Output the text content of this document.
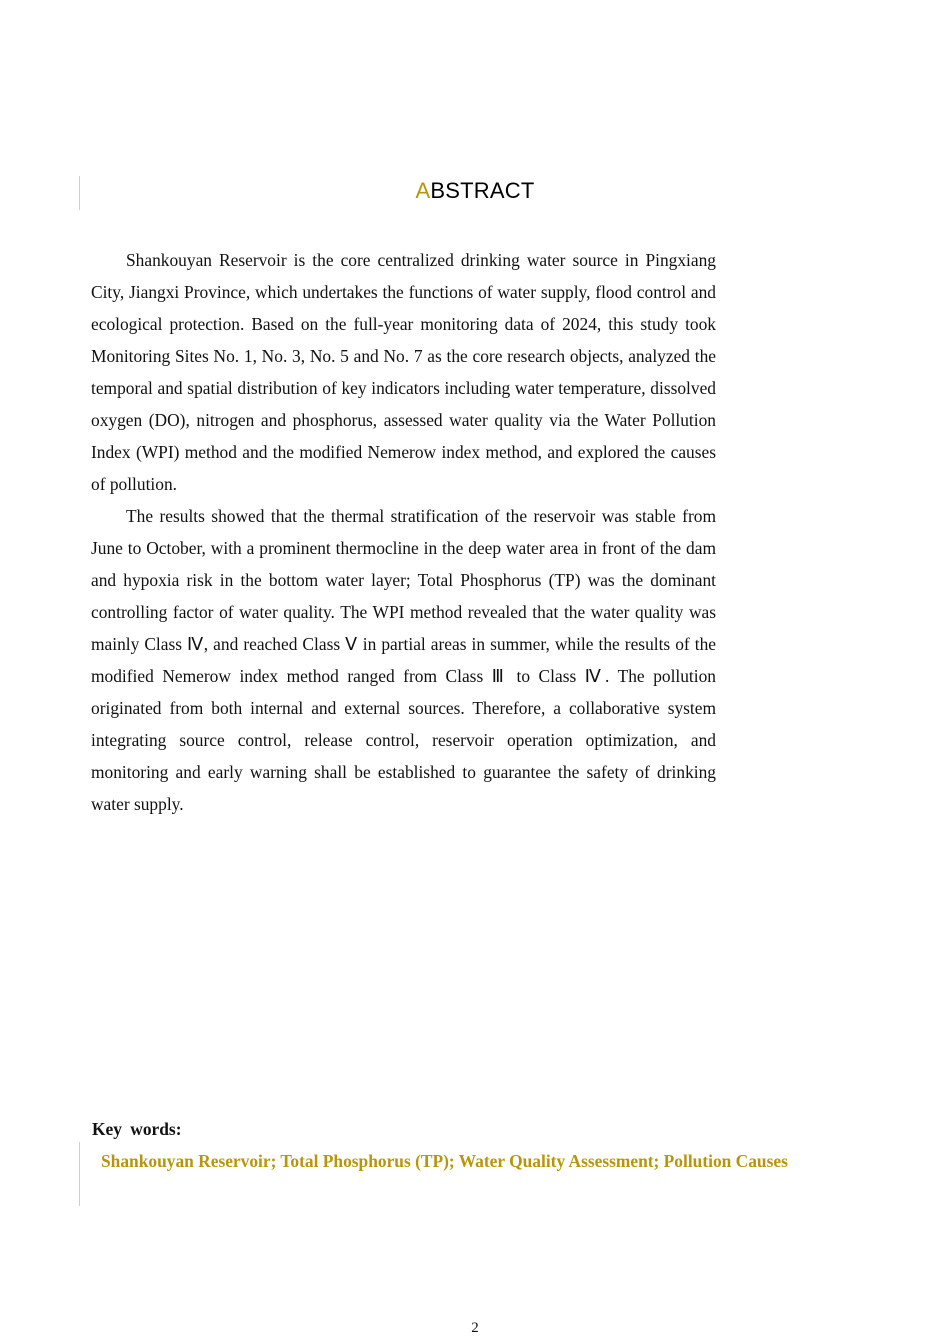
ABSTRACT

Shankouyan Reservoir is the core centralized drinking water source in Pingxiang City, Jiangxi Province, which undertakes the functions of water supply, flood control and ecological protection. Based on the full-year monitoring data of 2024, this study took Monitoring Sites No. 1, No. 3, No. 5 and No. 7 as the core research objects, analyzed the temporal and spatial distribution of key indicators including water temperature, dissolved oxygen (DO), nitrogen and phosphorus, assessed water quality via the Water Pollution Index (WPI) method and the modified Nemerow index method, and explored the causes of pollution.

The results showed that the thermal stratification of the reservoir was stable from June to October, with a prominent thermocline in the deep water area in front of the dam and hypoxia risk in the bottom water layer; Total Phosphorus (TP) was the dominant controlling factor of water quality. The WPI method revealed that the water quality was mainly Class Ⅳ, and reached Class Ⅴ in partial areas in summer, while the results of the modified Nemerow index method ranged from Class Ⅲ to Class Ⅳ. The pollution originated from both internal and external sources. Therefore, a collaborative system integrating source control, release control, reservoir operation optimization, and monitoring and early warning shall be established to guarantee the safety of drinking water supply.

Key words:
Shankouyan Reservoir; Total Phosphorus (TP); Water Quality Assessment; Pollution Causes
2
